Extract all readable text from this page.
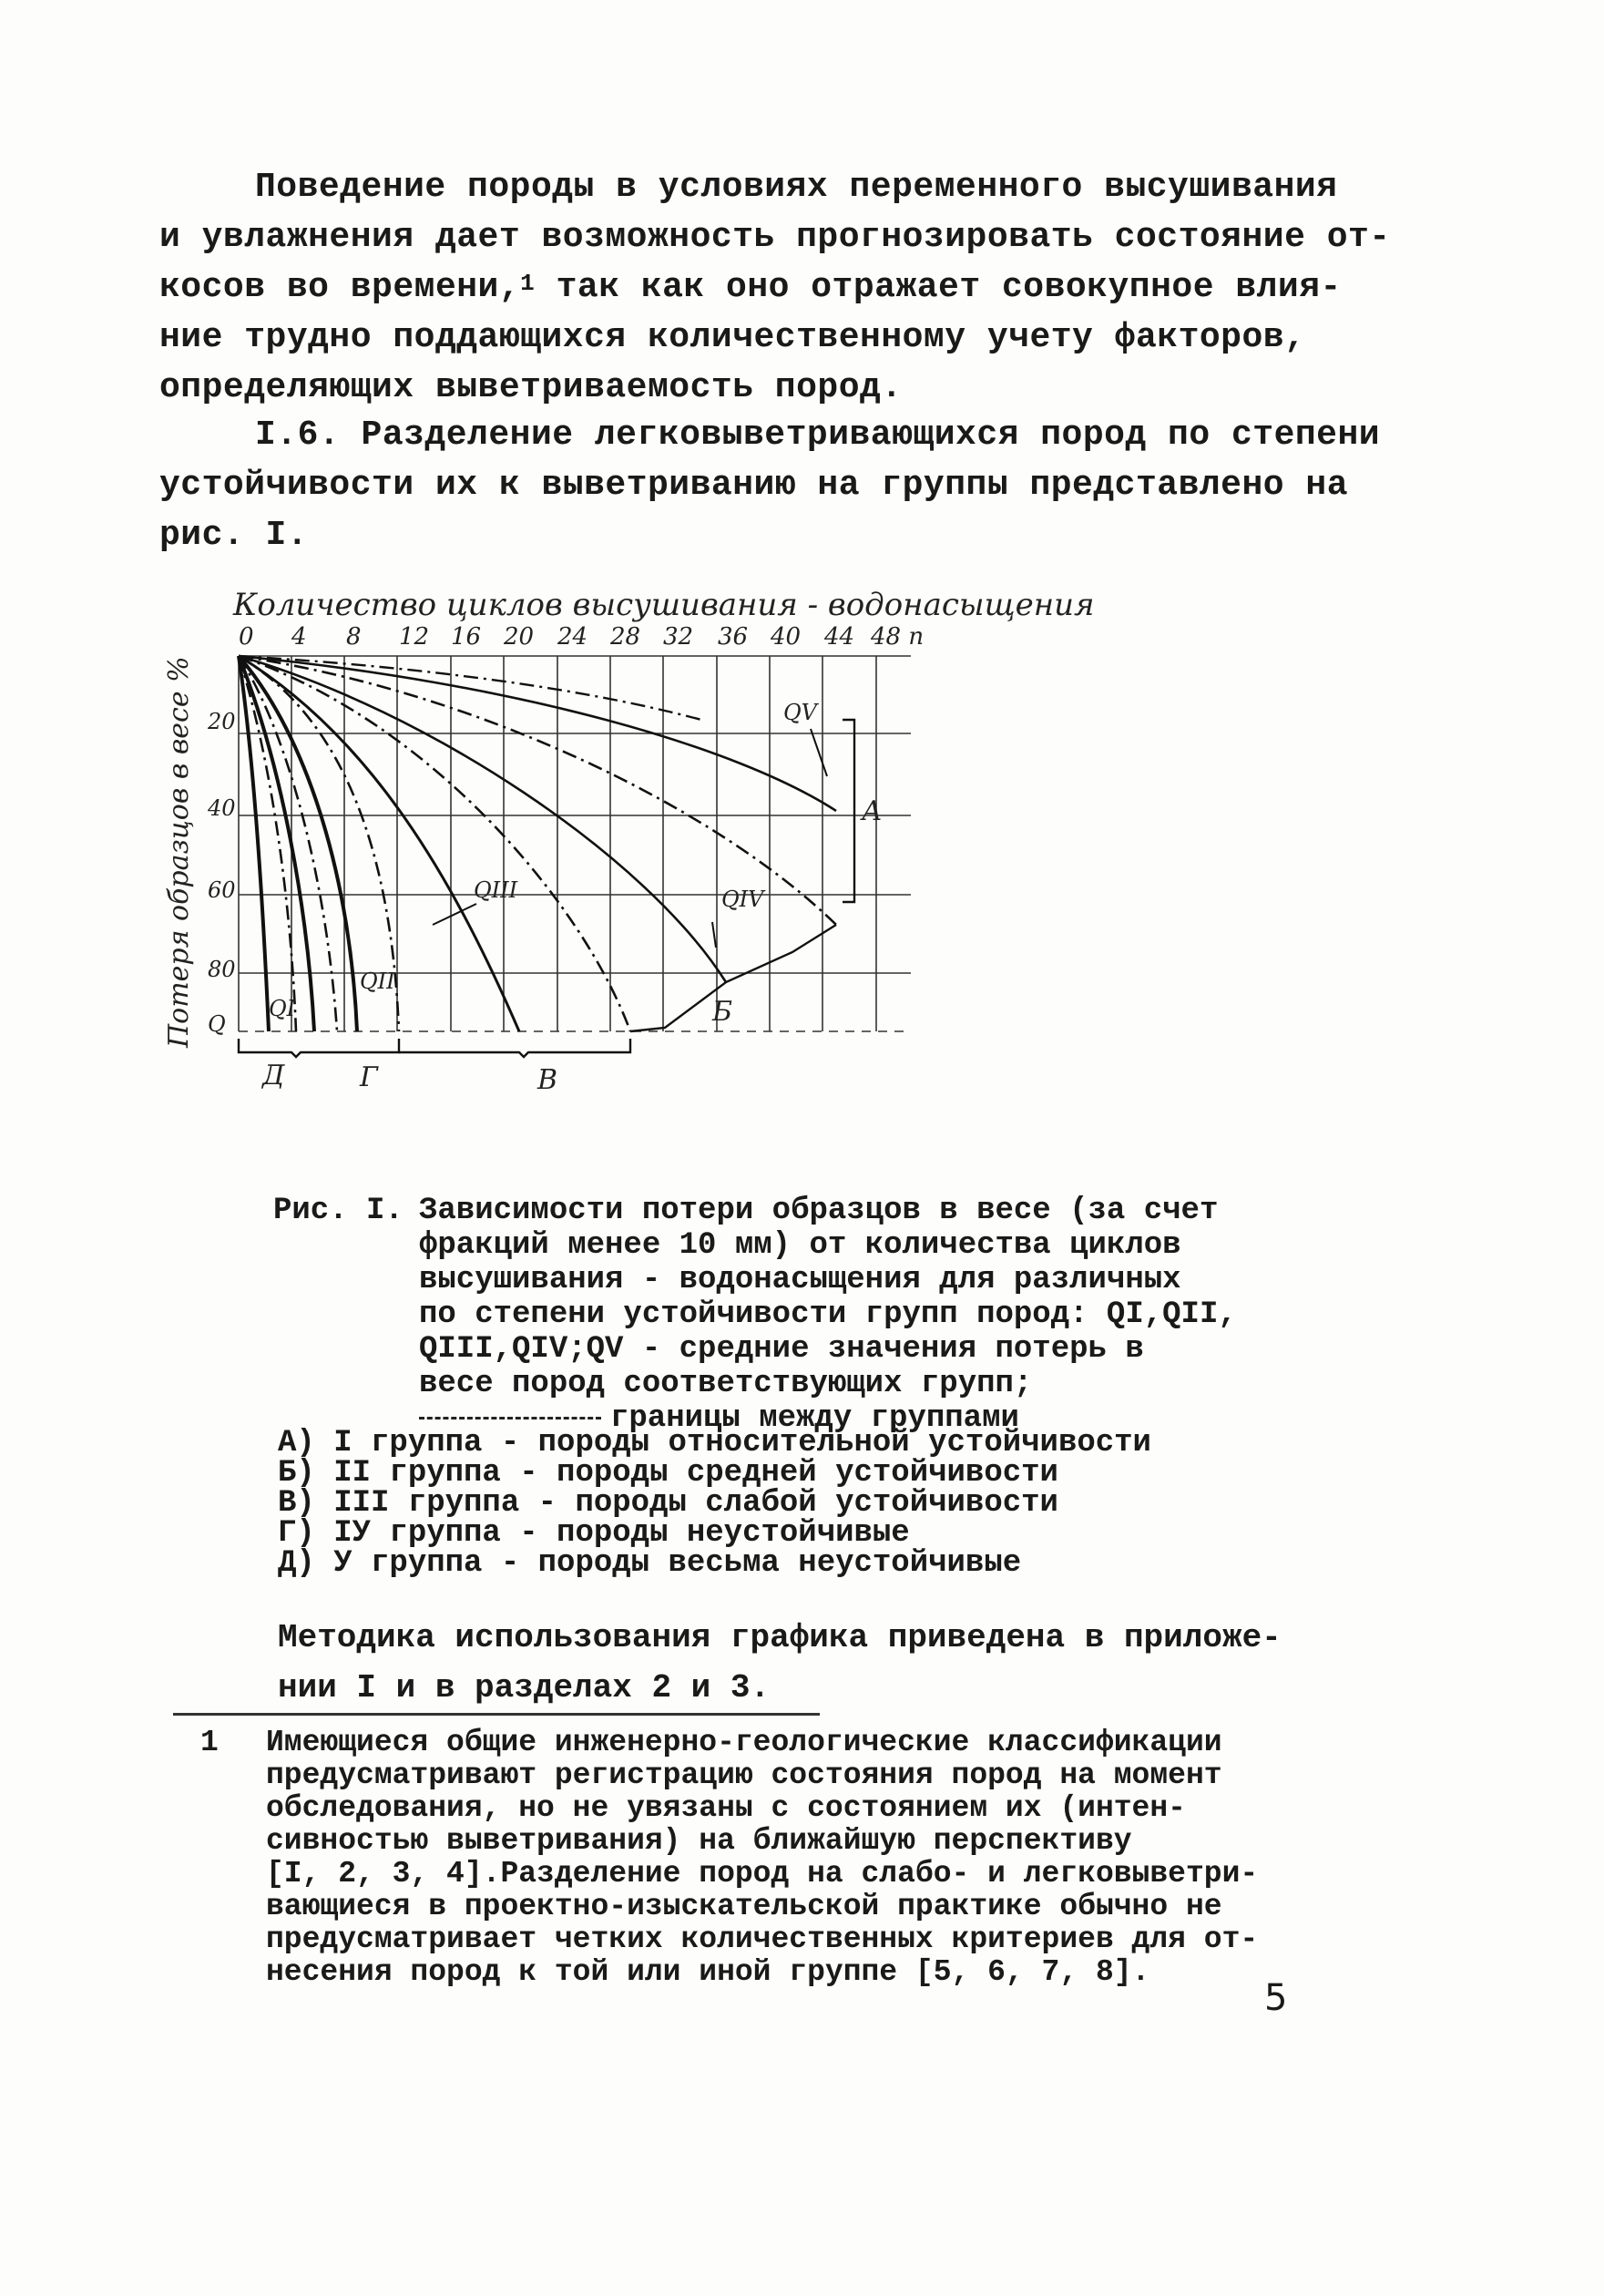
Поведение породы в условиях переменного высушивания
и увлажнения дает возможность прогнозировать состояние от-
косов во времени,$^1$ так как оно отражает совокупное влия-
ние трудно поддающихся количественному учету факторов,
определяющих выветриваемость пород.
I.6. Разделение легковыветривающихся пород по степени
устойчивости их к выветриванию на группы представлено на
рис. I.
Количество циклов высушивания - водонасыщения
0 4 8 12 16 20 24 28 32 36 40 44 48 n
Потеря образцов в весе % 20
40
60
80
Q
QI
QII
QIII	QIV
QV
А
Б
В
Г
Д
Рис. I. Зависимости потери образцов в весе (за счет
фракций менее 10 мм) от количества циклов
высушивания - водонасыщения для различных
по степени устойчивости групп пород: QI,QII,
QIII,QIV;QV - средние значения потерь в
весе пород соответствующих групп;
границы между группами
А) I группа - породы относительной устойчивости
Б) II группа - породы средней устойчивости
В) III группа - породы слабой устойчивости
Г) IУ группа - породы неустойчивые
Д) У группа - породы весьма неустойчивые
Методика использования графика приведена в приложе-
нии I и в разделах 2 и 3.
1 Имеющиеся общие инженерно-геологические классификации
предусматривают регистрацию состояния пород на момент
обследования, но не увязаны с состоянием их (интен-
сивностью выветривания) на ближайшую перспективу
[I, 2, 3, 4].Разделение пород на слабо- и легковыветри-
вающиеся в проектно-изыскательской практике обычно не
предусматривает четких количественных критериев для от-
несения пород к той или иной группе [5, 6, 7, 8].
5
